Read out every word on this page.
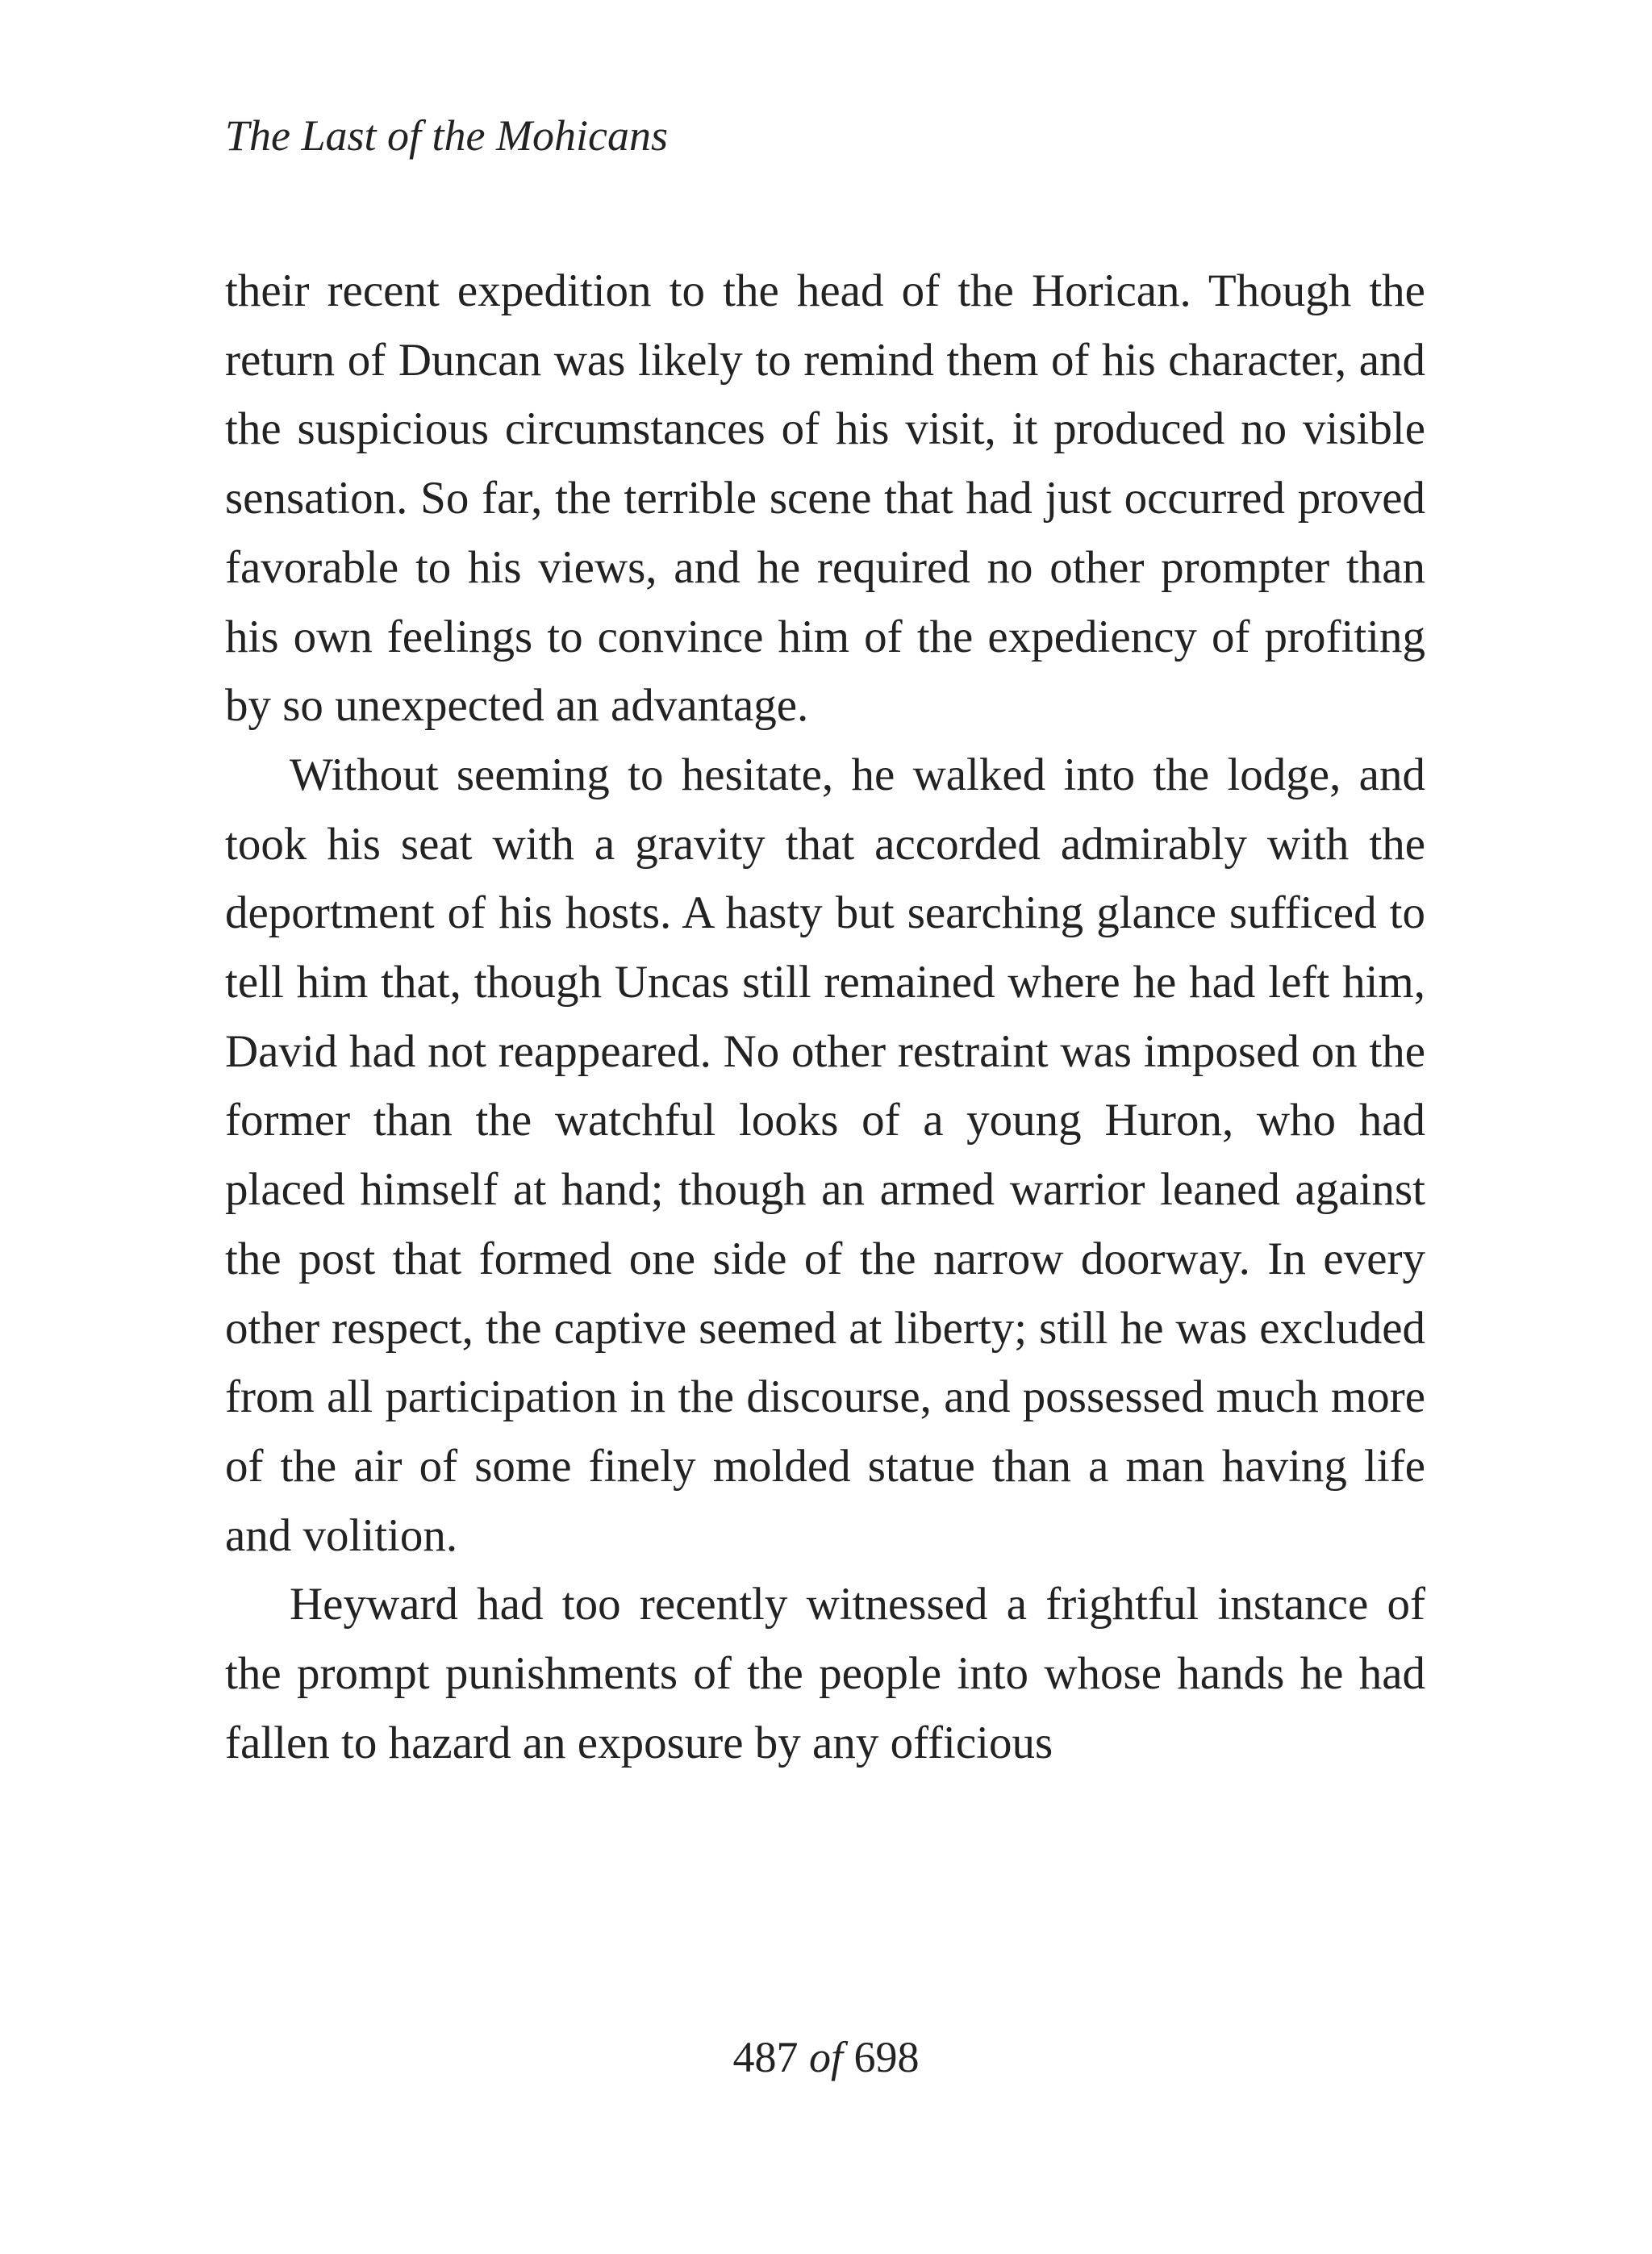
The Last of the Mohicans

their recent expedition to the head of the Horican. Though the return of Duncan was likely to remind them of his character, and the suspicious circumstances of his visit, it produced no visible sensation. So far, the terrible scene that had just occurred proved favorable to his views, and he required no other prompter than his own feelings to convince him of the expediency of profiting by so unexpected an advantage.

Without seeming to hesitate, he walked into the lodge, and took his seat with a gravity that accorded admirably with the deportment of his hosts. A hasty but searching glance sufficed to tell him that, though Uncas still remained where he had left him, David had not reappeared. No other restraint was imposed on the former than the watchful looks of a young Huron, who had placed himself at hand; though an armed warrior leaned against the post that formed one side of the narrow doorway. In every other respect, the captive seemed at liberty; still he was excluded from all participation in the discourse, and possessed much more of the air of some finely molded statue than a man having life and volition.

Heyward had too recently witnessed a frightful instance of the prompt punishments of the people into whose hands he had fallen to hazard an exposure by any officious

487 of 698
